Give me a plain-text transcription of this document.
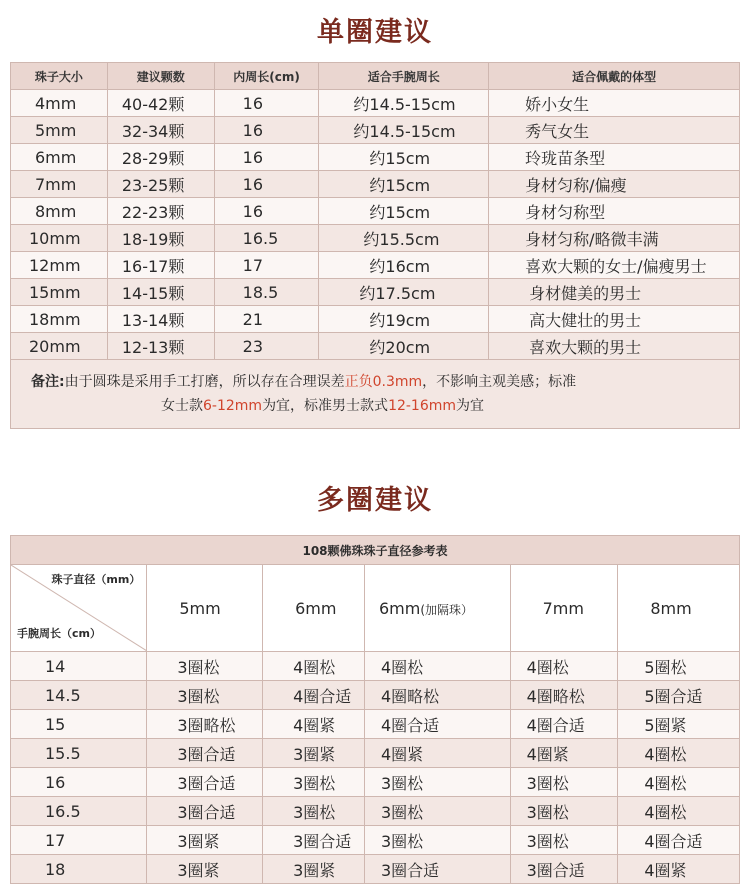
单圈建议
珠子大小	建议颗数	内周长(cm)	适合手腕周长	适合佩戴的体型
4mm	40-42颗	16	约14.5-15cm	娇小女生
5mm	32-34颗	16	约14.5-15cm	秀气女生
6mm	28-29颗	16	约15cm	玲珑苗条型
7mm	23-25颗	16	约15cm	身材匀称/偏瘦
8mm	22-23颗	16	约15cm	身材匀称型
10mm	18-19颗	16.5	约15.5cm	身材匀称/略微丰满
12mm	16-17颗	17	约16cm	喜欢大颗的女士/偏瘦男士
15mm	14-15颗	18.5	约17.5cm	身材健美的男士
18mm	13-14颗	21	约19cm	高大健壮的男士
20mm	12-13颗	23	约20cm	喜欢大颗的男士
备注:由于圆珠是采用手工打磨，所以存在合理误差正负0.3mm，不影响主观美感；标准
女士款6-12mm为宜，标准男士款式12-16mm为宜				
多圈建议
108颗佛珠珠子直径参考表					

珠子直径（mm）
手腕周长（cm）	5mm	6mm	6mm(加隔珠）	7mm	8mm
14	3圈松	4圈松	4圈松	4圈松	5圈松
14.5	3圈松	4圈合适	4圈略松	4圈略松	5圈合适
15	3圈略松	4圈紧	4圈合适	4圈合适	5圈紧
15.5	3圈合适	3圈紧	4圈紧	4圈紧	4圈松
16	3圈合适	3圈松	3圈松	3圈松	4圈松
16.5	3圈合适	3圈松	3圈松	3圈松	4圈松
17	3圈紧	3圈合适	3圈松	3圈松	4圈合适
18	3圈紧	3圈紧	3圈合适	3圈合适	4圈紧
